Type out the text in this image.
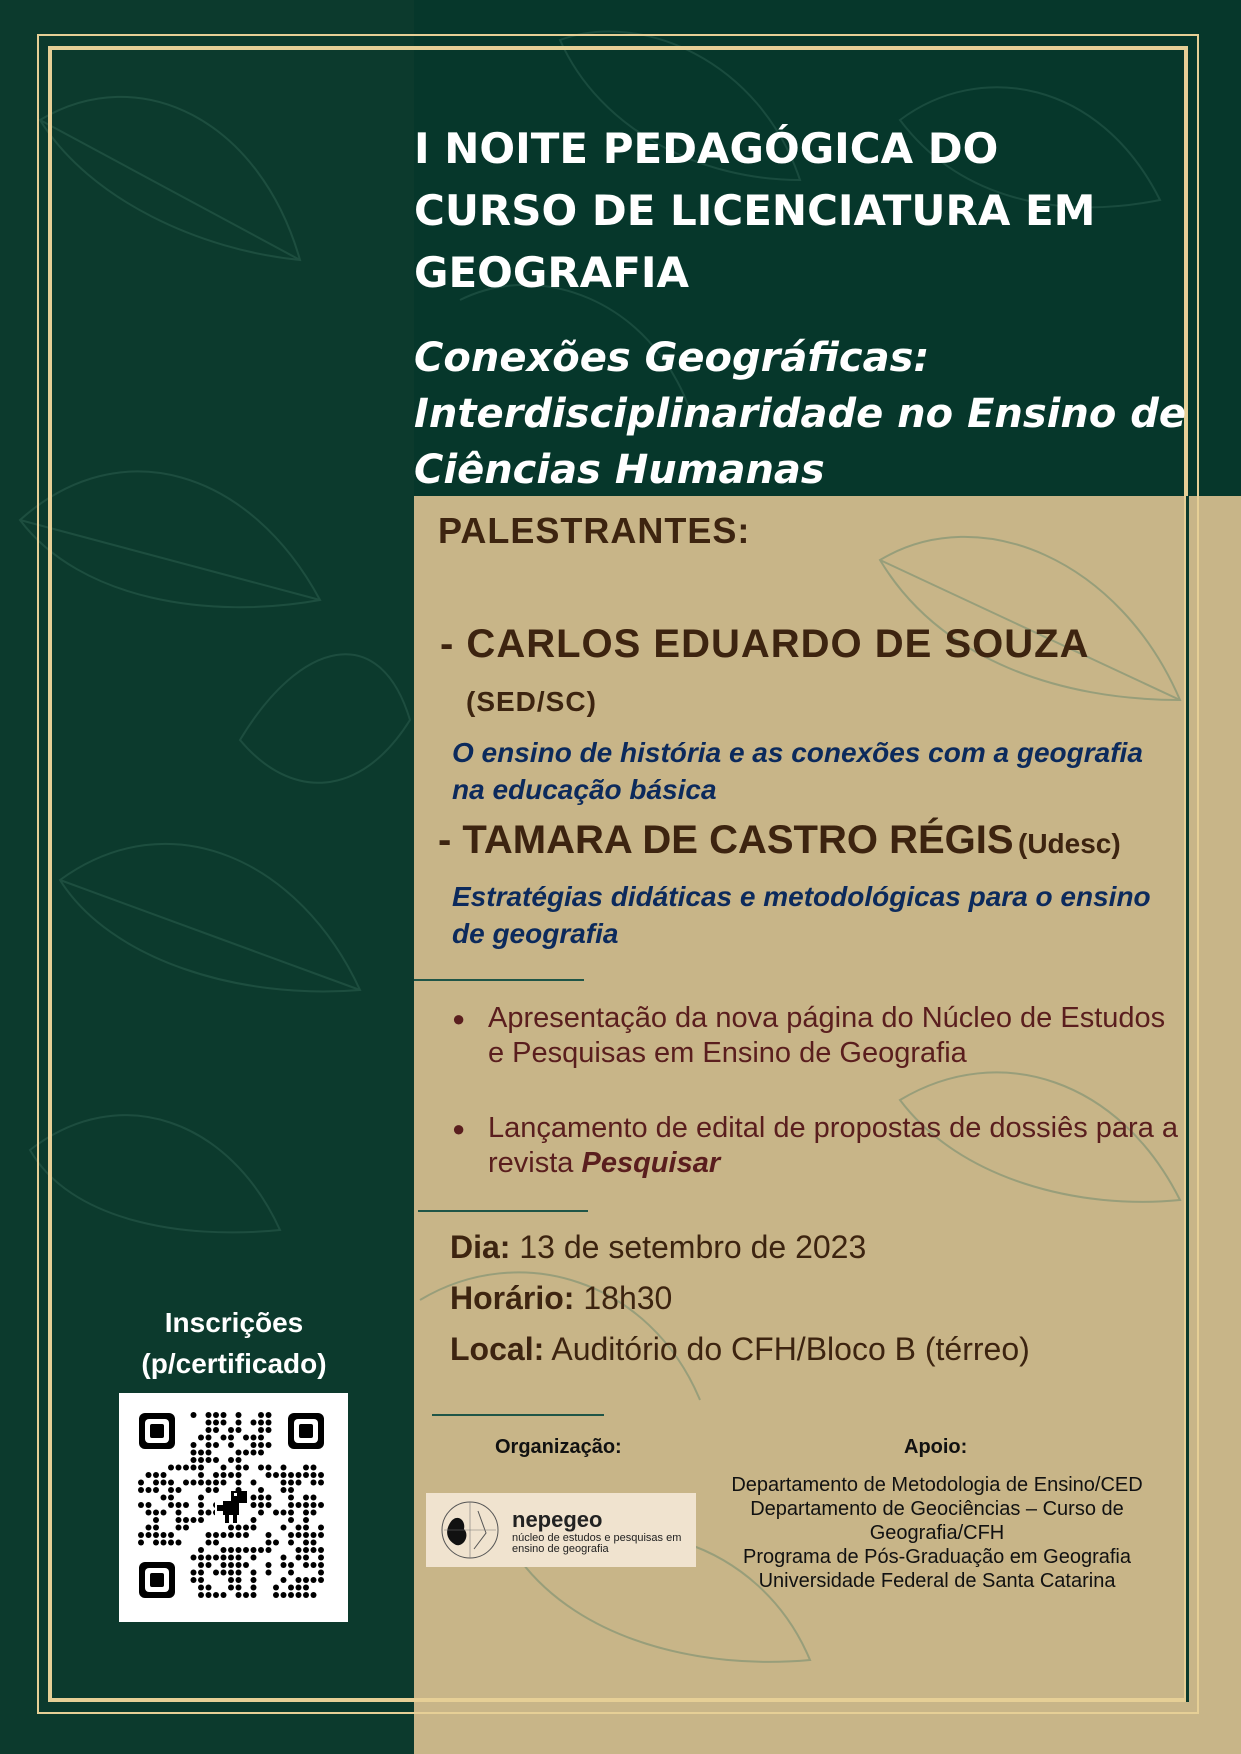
I NOITE PEDAGÓGICA DO CURSO DE LICENCIATURA EM GEOGRAFIA
Conexões Geográficas: Interdisciplinaridade no Ensino de Ciências Humanas
PALESTRANTES:
- CARLOS EDUARDO DE SOUZA
(SED/SC)
O ensino de história e as conexões com a geografia na educação básica
- TAMARA DE CASTRO RÉGIS (Udesc)
Estratégias didáticas e metodológicas para o ensino de geografia
● Apresentação da nova página do Núcleo de Estudos e Pesquisas em Ensino de Geografia
● Lançamento de edital de propostas de dossiês para a revista Pesquisar
Dia: 13 de setembro de 2023
Horário: 18h30
Local: Auditório do CFH/Bloco B (térreo)
Organização:
nepegeo
núcleo de estudos e pesquisas em ensino de geografia
Apoio:
Departamento de Metodologia de Ensino/CED
Departamento de Geociências – Curso de Geografia/CFH
Programa de Pós-Graduação em Geografia
Universidade Federal de Santa Catarina
Inscrições
(p/certificado)
